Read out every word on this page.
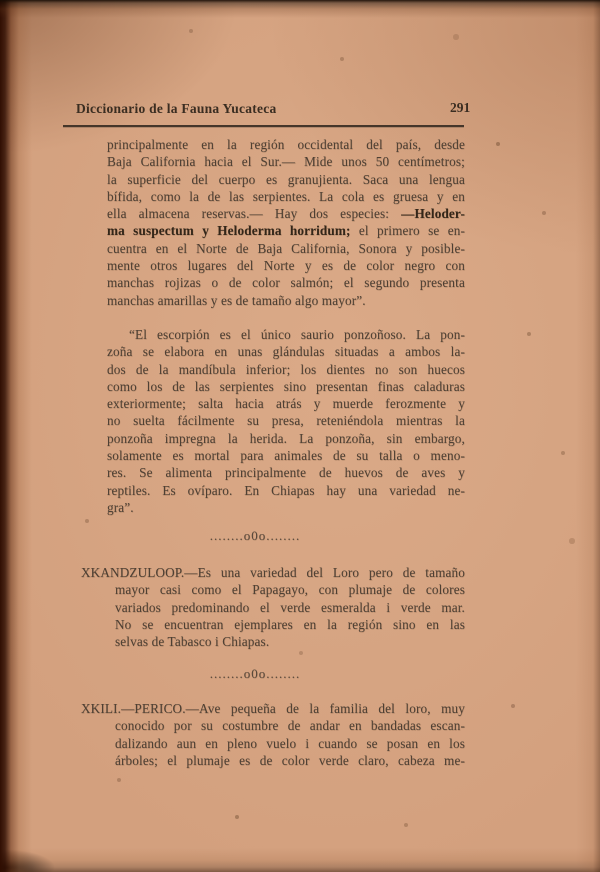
Diccionario de la Fauna Yucateca	291
principalmente en la región occidental del país, desde
Baja California hacia el Sur.— Mide unos 50 centímetros;
la superficie del cuerpo es granujienta. Saca una lengua
bífida, como la de las serpientes. La cola es gruesa y en
ella almacena reservas.— Hay dos especies: —Heloder-
ma suspectum y Heloderma horridum; el primero se en-
cuentra en el Norte de Baja California, Sonora y posible-
mente otros lugares del Norte y es de color negro con
manchas rojizas o de color salmón; el segundo presenta
manchas amarillas y es de tamaño algo mayor”.
“El escorpión es el único saurio ponzoñoso. La pon-
zoña se elabora en unas glándulas situadas a ambos la-
dos de la mandíbula inferior; los dientes no son huecos
como los de las serpientes sino presentan finas caladuras
exteriormente; salta hacia atrás y muerde ferozmente y
no suelta fácilmente su presa, reteniéndola mientras la
ponzoña impregna la herida. La ponzoña, sin embargo,
solamente es mortal para animales de su talla o meno-
res. Se alimenta principalmente de huevos de aves y
reptiles. Es ovíparo. En Chiapas hay una variedad ne-
gra”.
........o0o........
XKANDZULOOP.—Es una variedad del Loro pero de tamaño
mayor casi como el Papagayo, con plumaje de colores
variados predominando el verde esmeralda i verde mar.
No se encuentran ejemplares en la región sino en las
selvas de Tabasco i Chiapas.
........o0o........
XKILI.—PERICO.—Ave pequeña de la familia del loro, muy
conocido por su costumbre de andar en bandadas escan-
dalizando aun en pleno vuelo i cuando se posan en los
árboles; el plumaje es de color verde claro, cabeza me-
